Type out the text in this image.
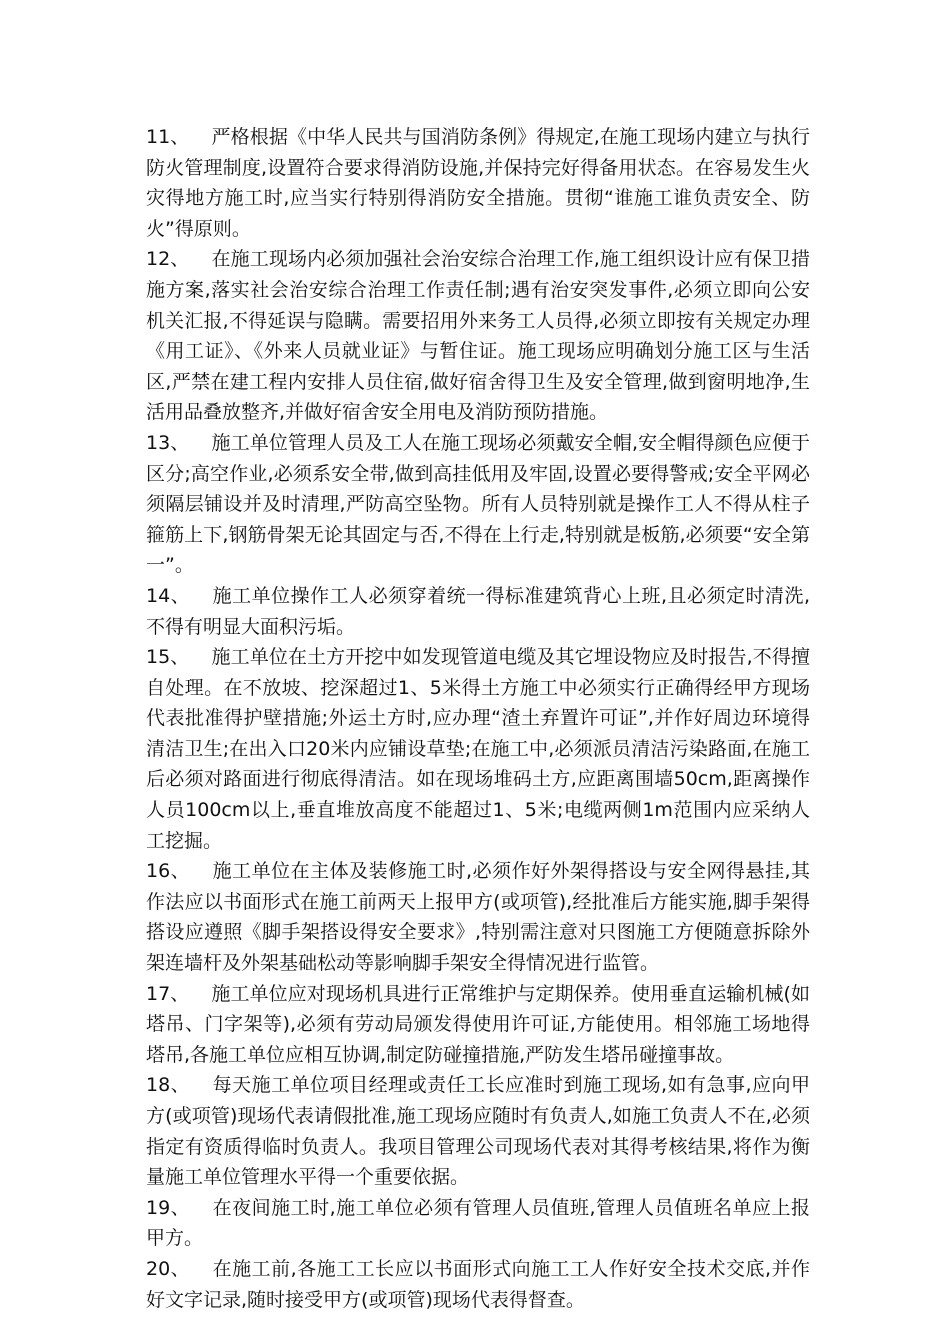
11、 严格根据《中华人民共与国消防条例》得规定,在施工现场内建立与执行防火管理制度,设置符合要求得消防设施,并保持完好得备用状态。在容易发生火灾得地方施工时,应当实行特别得消防安全措施。贯彻“谁施工谁负责安全、防火”得原则。

12、 在施工现场内必须加强社会治安综合治理工作,施工组织设计应有保卫措施方案,落实社会治安综合治理工作责任制;遇有治安突发事件,必须立即向公安机关汇报,不得延误与隐瞒。需要招用外来务工人员得,必须立即按有关规定办理《用工证》、《外来人员就业证》与暂住证。施工现场应明确划分施工区与生活区,严禁在建工程内安排人员住宿,做好宿舍得卫生及安全管理,做到窗明地净,生活用品叠放整齐,并做好宿舍安全用电及消防预防措施。

13、 施工单位管理人员及工人在施工现场必须戴安全帽,安全帽得颜色应便于区分;高空作业,必须系安全带,做到高挂低用及牢固,设置必要得警戒;安全平网必须隔层铺设并及时清理,严防高空坠物。所有人员特别就是操作工人不得从柱子箍筋上下,钢筋骨架无论其固定与否,不得在上行走,特别就是板筋,必须要“安全第一”。

14、 施工单位操作工人必须穿着统一得标准建筑背心上班,且必须定时清洗,不得有明显大面积污垢。

15、 施工单位在土方开挖中如发现管道电缆及其它埋设物应及时报告,不得擅自处理。在不放坡、挖深超过1、5米得土方施工中必须实行正确得经甲方现场代表批准得护壁措施;外运土方时,应办理“渣土弃置许可证”,并作好周边环境得清洁卫生;在出入口20米内应铺设草垫;在施工中,必须派员清洁污染路面,在施工后必须对路面进行彻底得清洁。如在现场堆码土方,应距离围墙50cm,距离操作人员100cm以上,垂直堆放高度不能超过1、5米;电缆两侧1m范围内应采纳人工挖掘。

16、 施工单位在主体及装修施工时,必须作好外架得搭设与安全网得悬挂,其作法应以书面形式在施工前两天上报甲方(或项管),经批准后方能实施,脚手架得搭设应遵照《脚手架搭设得安全要求》,特别需注意对只图施工方便随意拆除外架连墙杆及外架基础松动等影响脚手架安全得情况进行监管。

17、 施工单位应对现场机具进行正常维护与定期保养。使用垂直运输机械(如塔吊、门字架等),必须有劳动局颁发得使用许可证,方能使用。相邻施工场地得塔吊,各施工单位应相互协调,制定防碰撞措施,严防发生塔吊碰撞事故。

18、 每天施工单位项目经理或责任工长应准时到施工现场,如有急事,应向甲方(或项管)现场代表请假批准,施工现场应随时有负责人,如施工负责人不在,必须指定有资质得临时负责人。我项目管理公司现场代表对其得考核结果,将作为衡量施工单位管理水平得一个重要依据。

19、 在夜间施工时,施工单位必须有管理人员值班,管理人员值班名单应上报甲方。

20、 在施工前,各施工工长应以书面形式向施工工人作好安全技术交底,并作好文字记录,随时接受甲方(或项管)现场代表得督查。
